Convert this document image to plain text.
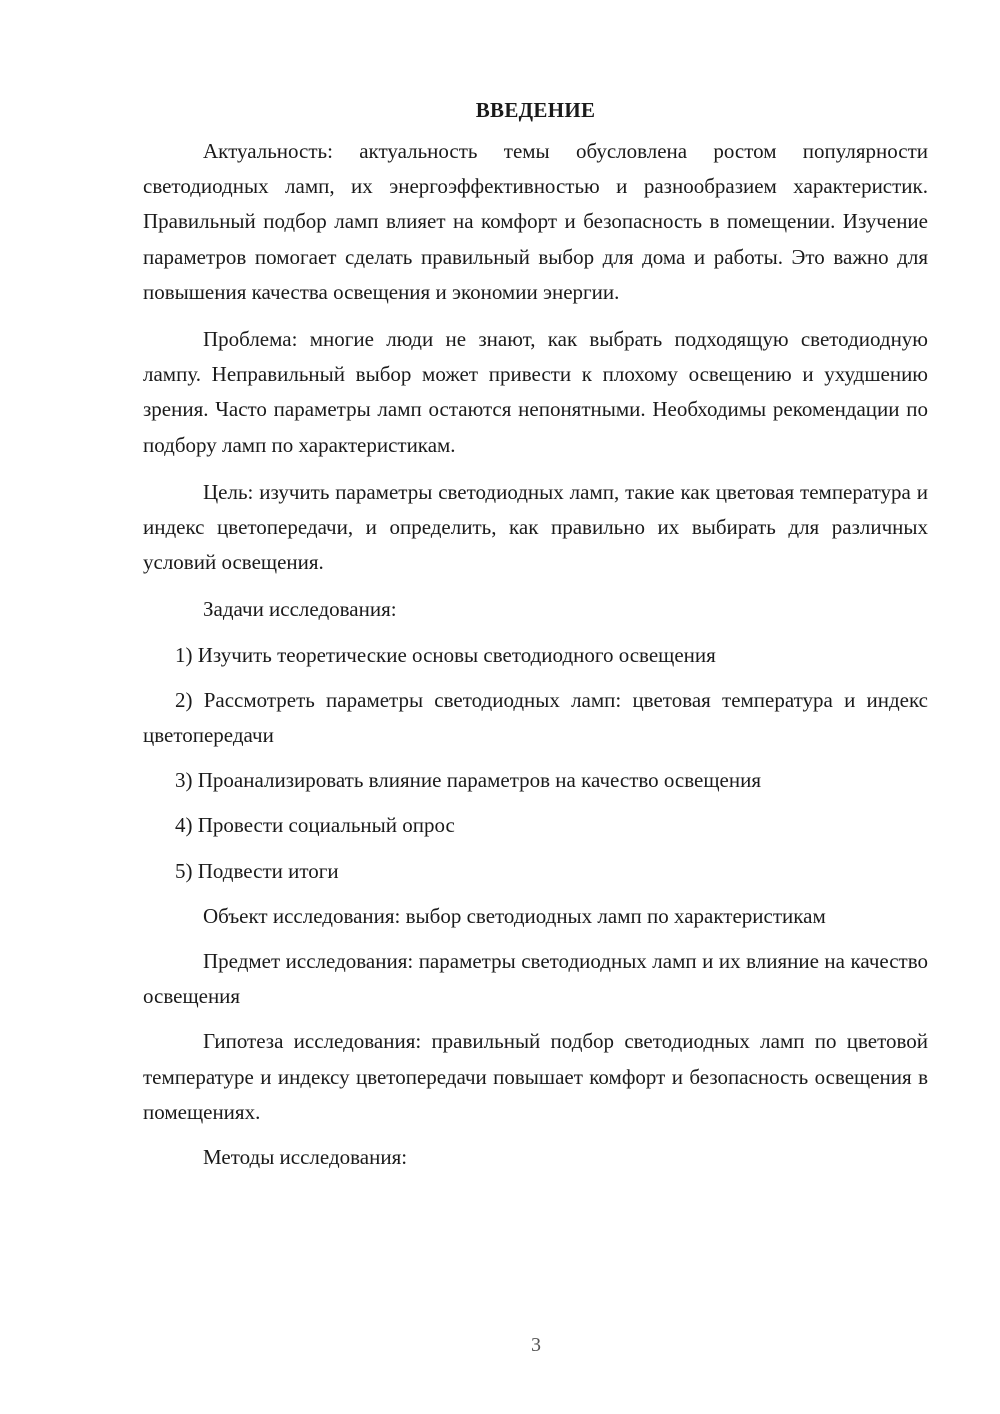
ВВЕДЕНИЕ

Актуальность: актуальность темы обусловлена ростом популярности светодиодных ламп, их энергоэффективностью и разнообразием характеристик. Правильный подбор ламп влияет на комфорт и безопасность в помещении. Изучение параметров помогает сделать правильный выбор для дома и работы. Это важно для повышения качества освещения и экономии энергии.

Проблема: многие люди не знают, как выбрать подходящую светодиодную лампу. Неправильный выбор может привести к плохому освещению и ухудшению зрения. Часто параметры ламп остаются непонятными. Необходимы рекомендации по подбору ламп по характеристикам.

Цель: изучить параметры светодиодных ламп, такие как цветовая температура и индекс цветопередачи, и определить, как правильно их выбирать для различных условий освещения.

Задачи исследования:

1) Изучить теоретические основы светодиодного освещения

2) Рассмотреть параметры светодиодных ламп: цветовая температура и индекс цветопередачи

3) Проанализировать влияние параметров на качество освещения

4) Провести социальный опрос

5) Подвести итоги

Объект исследования: выбор светодиодных ламп по характеристикам

Предмет исследования: параметры светодиодных ламп и их влияние на качество освещения

Гипотеза исследования: правильный подбор светодиодных ламп по цветовой температуре и индексу цветопередачи повышает комфорт и безопасность освещения в помещениях.

Методы исследования:

3
